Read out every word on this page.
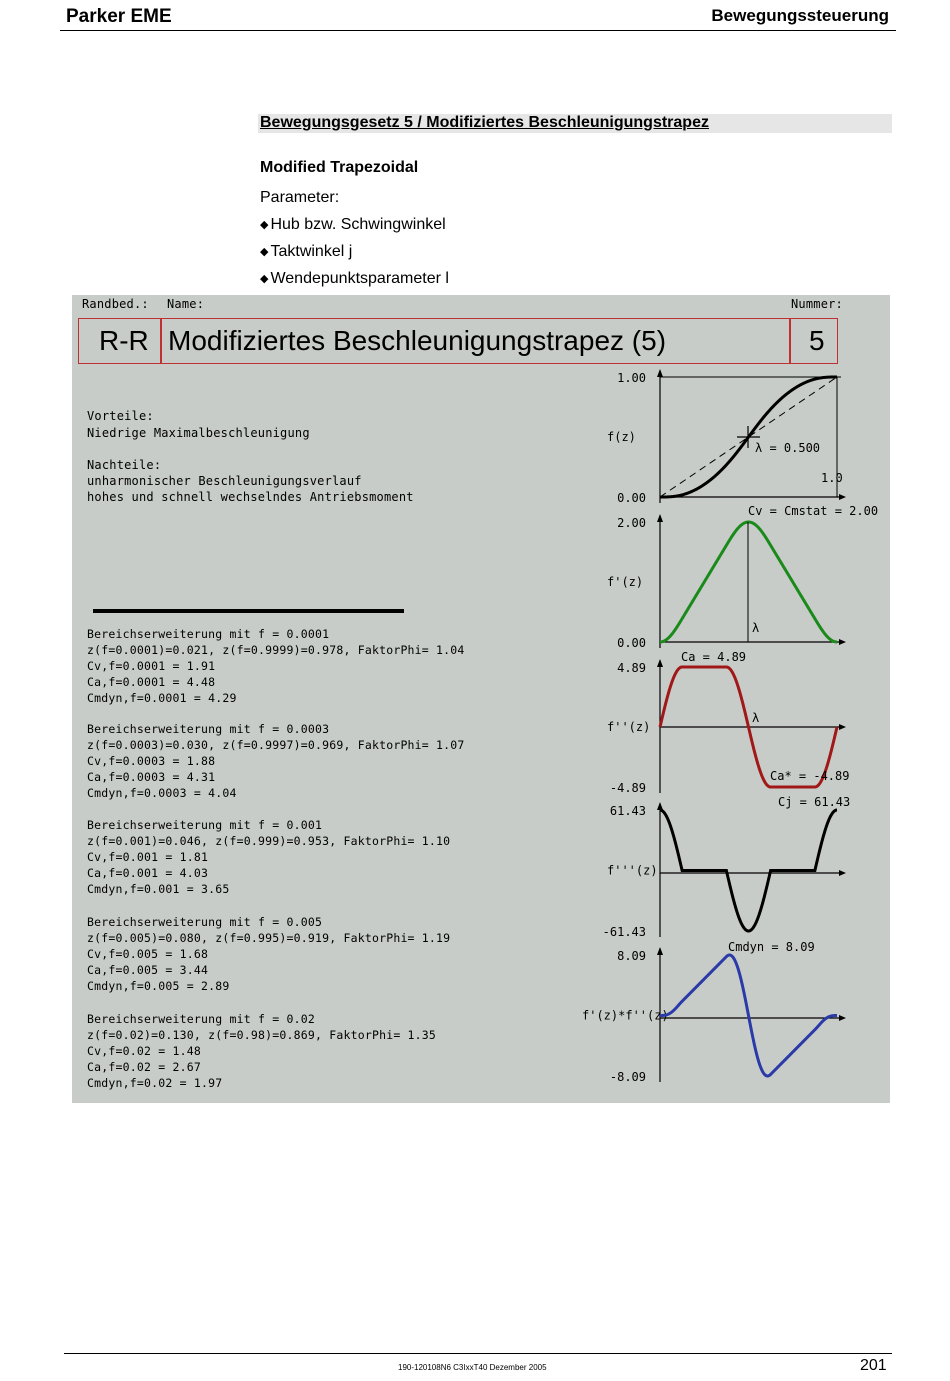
Parker EME	Bewegungssteuerung
Bewegungsgesetz 5 / Modifiziertes Beschleunigungstrapez
Modified Trapezoidal
Parameter:
◆ Hub bzw. Schwingwinkel
◆ Taktwinkel j
◆ Wendepunktsparameter l
Randbed.: Name:	Nummer:
R-R Modifiziertes Beschleunigungstrapez (5)	5
Vorteile:
Niedrige Maximalbeschleunigung
Nachteile:
unharmonischer Beschleunigungsverlauf
hohes und schnell wechselndes Antriebsmoment
Bereichserweiterung mit f = 0.0001
z(f=0.0001)=0.021, z(f=0.9999)=0.978, FaktorPhi= 1.04
Cv,f=0.0001 = 1.91
Ca,f=0.0001 = 4.48
Cmdyn,f=0.0001 = 4.29
Bereichserweiterung mit f = 0.0003
z(f=0.0003)=0.030, z(f=0.9997)=0.969, FaktorPhi= 1.07
Cv,f=0.0003 = 1.88
Ca,f=0.0003 = 4.31
Cmdyn,f=0.0003 = 4.04
Bereichserweiterung mit f = 0.001
z(f=0.001)=0.046, z(f=0.999)=0.953, FaktorPhi= 1.10
Cv,f=0.001 = 1.81
Ca,f=0.001 = 4.03
Cmdyn,f=0.001 = 3.65
Bereichserweiterung mit f = 0.005
z(f=0.005)=0.080, z(f=0.995)=0.919, FaktorPhi= 1.19
Cv,f=0.005 = 1.68
Ca,f=0.005 = 3.44
Cmdyn,f=0.005 = 2.89
Bereichserweiterung mit f = 0.02
z(f=0.02)=0.130, z(f=0.98)=0.869, FaktorPhi= 1.35
Cv,f=0.02 = 1.48
Ca,f=0.02 = 2.67
Cmdyn,f=0.02 = 1.97
1.00
0.00
f(z)
2.00
0.00
f'(z)
4.89
-4.89
f''(z)
61.43
-61.43
f'''(z)
8.09
-8.09
f'(z)*f''(z)
λ = 0.500
1.0
Cv = Cmstat = 2.00
λ
Ca = 4.89
λ
Ca* = -4.89
Cj = 61.43
Cmdyn = 8.09
190-120108N6 C3IxxT40 Dezember 2005	201
